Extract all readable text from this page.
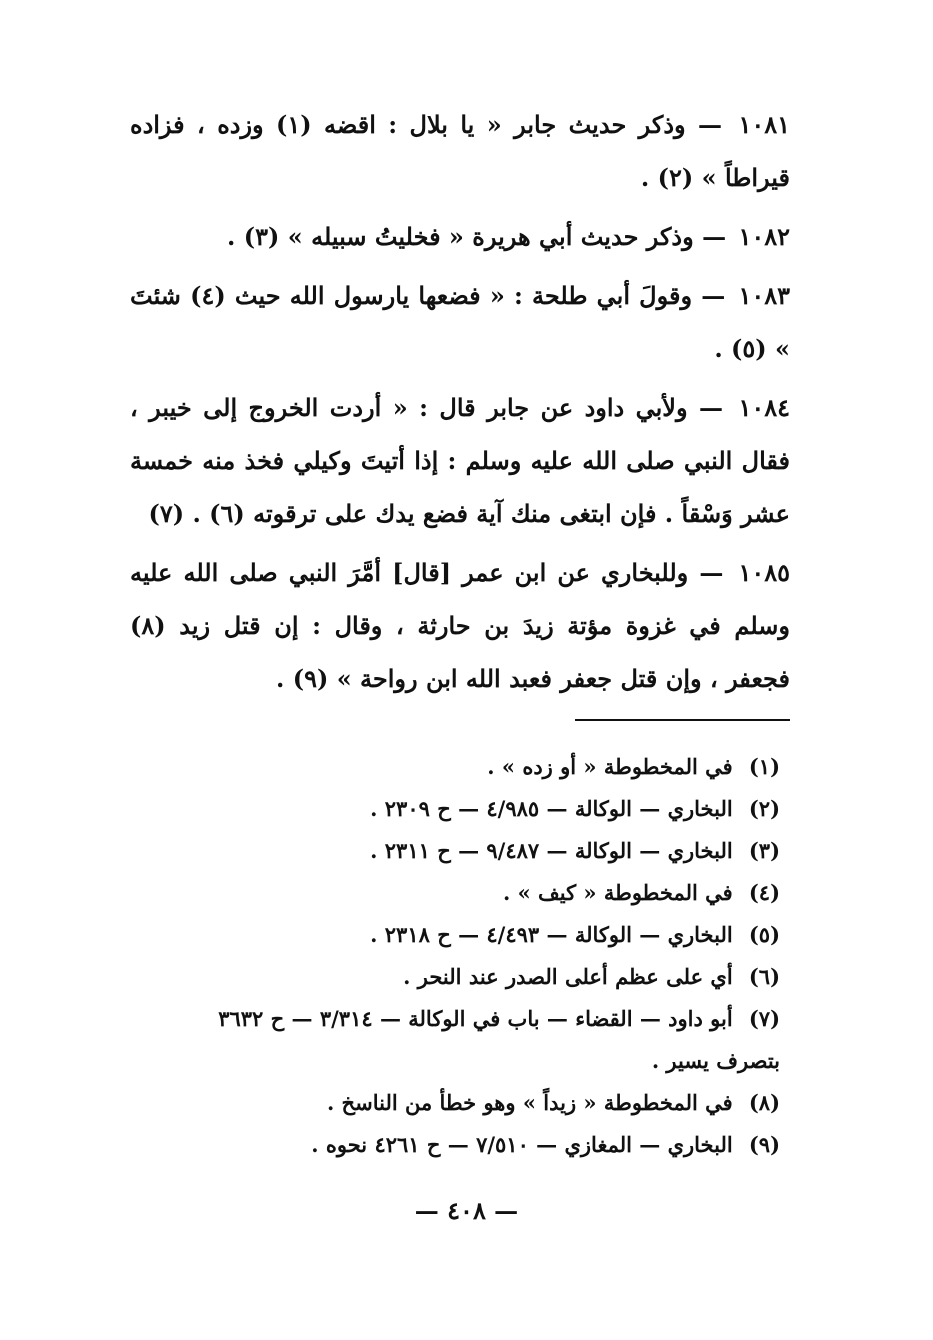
١٠٨١ — وذكر حديث جابر « يا بلال : اقضه (١) وزده ، فزاده قيراطاً » (٢) .

١٠٨٢ — وذكر حديث أبي هريرة « فخليتُ سبيله » (٣) .

١٠٨٣ — وقولَ أبي طلحة : « فضعها يارسول الله حيث (٤) شئتَ » (٥) .

١٠٨٤ — ولأبي داود عن جابر قال : « أردت الخروج إلى خيبر ، فقال النبي صلى الله عليه وسلم : إذا أتيتَ وكيلي فخذ منه خمسة عشر وَسْقاً . فإن ابتغى منك آية فضع يدك على ترقوته (٦) . (٧)

١٠٨٥ — وللبخاري عن ابن عمر [قال] أمَّرَ النبي صلى الله عليه وسلم في غزوة مؤتة زيدَ بن حارثة ، وقال : إن قتل زيد (٨) فجعفر ، وإن قتل جعفر فعبد الله ابن رواحة » (٩) .

(١) في المخطوطة « أو زده » .

(٢) البخاري — الوكالة — ٤/٩٨٥ — ح ٢٣٠٩ .

(٣) البخاري — الوكالة — ٩/٤٨٧ — ح ٢٣١١ .

(٤) في المخطوطة « كيف » .

(٥) البخاري — الوكالة — ٤/٤٩٣ — ح ٢٣١٨ .

(٦) أي على عظم أعلى الصدر عند النحر .

(٧) أبو داود — القضاء — باب في الوكالة — ٣/٣١٤ — ح ٣٦٣٢

بتصرف يسير .

(٨) في المخطوطة « زيداً » وهو خطأ من الناسخ .

(٩) البخاري — المغازي — ٧/٥١٠ — ح ٤٢٦١ نحوه .

— ٤٠٨ —
